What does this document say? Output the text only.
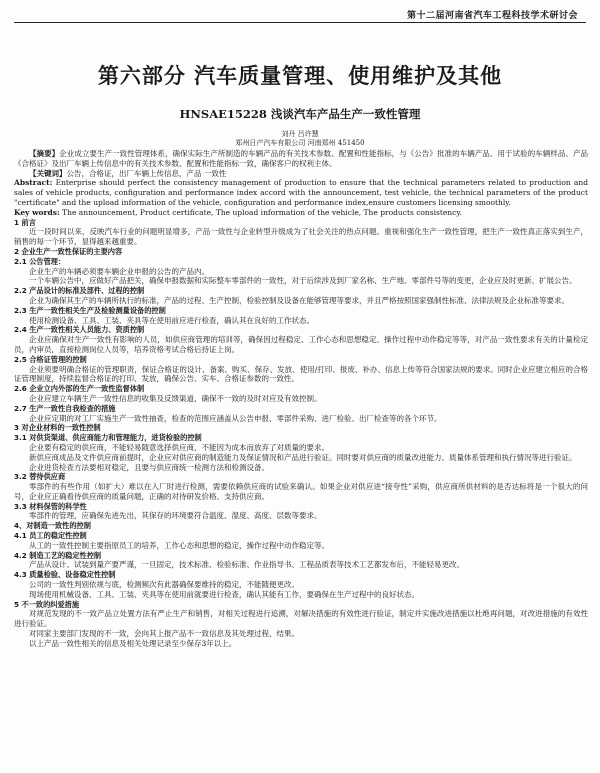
第十二届河南省汽车工程科技学术研讨会
第六部分 汽车质量管理、使用维护及其他
HNSAE15228 浅谈汽车产品生产一致性管理
刘丹 吕许慧
郑州日产汽车有限公司 河南郑州 451450

【摘要】企业成立要生产一致性管理体系，确保实际生产所制造的车辆产品的有关技术参数、配置和性能指标，与《公告》批准的车辆产品、用于试验的车辆样品、产品《合格证》及出厂车辆上传信息中的有关技术参数、配置和性能指标一致，确保客户的权利主体。

【关键词】公告，合格证，出厂车辆上传信息，产品 一致性

Abstract: Enterprise should perfect the consistency management of production to ensure that the technical parameters related to production and sales of vehicle products, configuration and performance index accord with the announcement, test vehicle, the technical parameters of the product "certificate" and the upload information of the vehicle, configuration and performance index,ensure customers licensing smoothly.

Key words: The announcement, Product certificate, The upload information of the vehicle, The products consistency.

1 前言

近一段时间以来，反映汽车行业的问题明显增多，产品一致性与企业转型升级成为了社会关注的热点问题。重视和强化生产一致性管理，把生产一致性真正落实到生产，销售的每一个环节，显得越来越重要。

2 企业生产一致性保证的主要内容

2.1 公告管理：

企业生产的车辆必须要车辆企业申报的公告的产品内。

一个车辆公告中，应做好产品把关，确保申报数据和实际整车零部件的一致性，对于后续涉及到厂家名称、生产地、零部件号等的变更，企业应及时更新、扩展公告。

2.2 产品设计的标准及部件、过程的控制

企业为确保其生产的车辆所执行的标准，产品的过程、生产控制，检验控制及设备在能够管理等要求，并且严格按照国家强制性标准、法律法规及企业标准等要求。

2.3 生产一致性相关生产及检验测量设备的控制

使用检测设备、工具、工装、夹具等在使用前应进行检查，确认其在良好的工作状态。

2.4 生产一致性相关人员能力、资质控制

企业应确保对生产一致性有影响的人员，如供应商管理的培训等，确保因过程稳定、工作心态和思想稳定、操作过程中动作稳定等等，对产品一致性要求有关的计量检定员，内审员，直接检测岗位人员等，培养资格考试合格后持证上岗。

2.5 合格证管理的控制

企业须要明确合格证的管理职责，保证合格证的设计、备案、购买、保存、发放、使用/打印、报废、补办、信息上传等符合国家法规的要求。同时企业应建立相应的合格证管理制度，持续监督合格证的打印、发放，确保公告、实车、合格证参数的一致性。

2.6 企业立内外部的生产一致性监督体制

企业应建立车辆生产一致性信息的收集及反馈渠道，确保不一致的及时对应及有效控制。

2.7 生产一致性自我检查的措施

企业应定期的对工厂实施生产一致性抽查，检查的范围应涵盖从公告申报、零部件采购、进厂检验、出厂检查等的各个环节。

3 对企业材料的一致性控制

3.1 对供货渠道、供应商能力和管理能力，进货检验的控制

企业要有稳定的供应商，不能轻易随意选择供应商，不能因为成本而放弃了对质量的要求。

新供应商成品及文件供应商前提时，企业应对供应商的制造能力及保证情况和产品进行验证。同时要对供应商的质量改进能力、质量体系管理和执行情况等进行验证。

企业进货检查方法要相对稳定，且要与供应商统一检测方法和检测设备。

3.2 替待供应商

零部件的有些作用（如扩大）难以在入厂时进行检测，需要依赖供应商的试验来确认。如果企业对供应进“接夸性”采购，供应商所供材料的是否达标将是一个很大的问号，企业应正确看待供应商的质量问题，正确的对待研发价格、支持供应商。

3.3 材料保管的科学性

零部件的管理，应确保先进先出，其保存的环境要符合温度、湿度、高度、层数等要求。

4、对制造一致性的控制

4.1 员工的稳定性控制

从工的一致性控制主要指原员工的培养，工作心态和思想的稳定，操作过程中动作稳定等。

4.2 制造工艺的稳定性控制

产品从设计、试装到量产要严谨，一旦固定，技术标准、检验标准、作业指导书、工程品质表等技术工艺都发布后，不能轻易更改。

4.3 质量检验、设备稳定性控制

公司的一致性判别依规与底，检测频次有此器确保要维持的稳定，不能随便更改。

现场使用机械设备、工具、工装、夹具等在使用前就要进行检查，确认其能有工作，要确保在生产过程中的良好状态。

5 不一致的纠爱措施

对规范发现的不一致产品立处置方法有严止生产和销售，对相关过程进行追溯，对解决措施的有效性进行验证，制定并实施改进措施以杜绝再问题，对改进措施的有效性进行验证。

对同家主要部门发现的不一致，会向其上报产品不一致信息及其处理过程、结果。

以上产品一致性相关的信息及相关处理记录至少保存3年以上。
